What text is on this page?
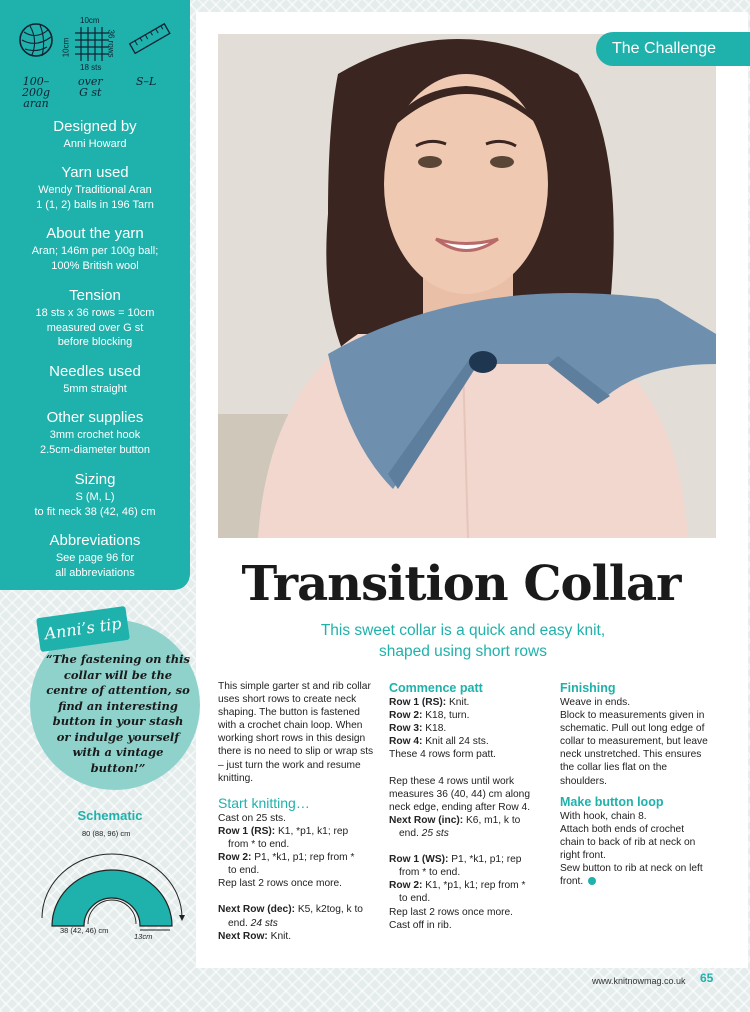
10cm
10cm	36 rows
18 sts
100–
200g
aran
over
G st
S–L
Designed by
Anni Howard
Yarn used
Wendy Traditional Aran
1 (1, 2) balls in 196 Tarn
About the yarn
Aran; 146m per 100g ball;
100% British wool
Tension
18 sts x 36 rows = 10cm
measured over G st
before blocking
Needles used
5mm straight
Other supplies
3mm crochet hook
2.5cm-diameter button
Sizing
S (M, L)
to fit neck 38 (42, 46) cm
Abbreviations
See page 96 for
all abbreviations
The Challenge
Transition Collar
This sweet collar is a quick and easy knit,
shaped using short rows
Anni’s tip
“The fastening on this collar will be the centre of attention, so find an interesting button in your stash or indulge yourself with a vintage button!”
Schematic
80 (88, 96) cm
38 (42, 46) cm
13cm

This simple garter st and rib collar uses short rows to create neck shaping. The button is fastened with a crochet chain loop. When working short rows in this design there is no need to slip or wrap sts – just turn the work and resume knitting.

Start knitting…

Cast on 25 sts.

Row 1 (RS): K1, *p1, k1; rep

from * to end.

Row 2: P1, *k1, p1; rep from *

to end.

Rep last 2 rows once more.

Next Row (dec): K5, k2tog, k to

end. 24 sts

Next Row: Knit.

Commence patt

Row 1 (RS): Knit.

Row 2: K18, turn.

Row 3: K18.

Row 4: Knit all 24 sts.

These 4 rows form patt.

Rep these 4 rows until work measures 36 (40, 44) cm along neck edge, ending after Row 4.

Next Row (inc): K6, m1, k to

end. 25 sts

Row 1 (WS): P1, *k1, p1; rep

from * to end.

Row 2: K1, *p1, k1; rep from *

to end.

Rep last 2 rows once more.

Cast off in rib.

Finishing

Weave in ends.

Block to measurements given in schematic. Pull out long edge of collar to measurement, but leave neck unstretched. This ensures the collar lies flat on the shoulders.

Make button loop

With hook, chain 8.

Attach both ends of crochet chain to back of rib at neck on right front.

Sew button to rib at neck on left front.

www.knitnowmag.co.uk 65
